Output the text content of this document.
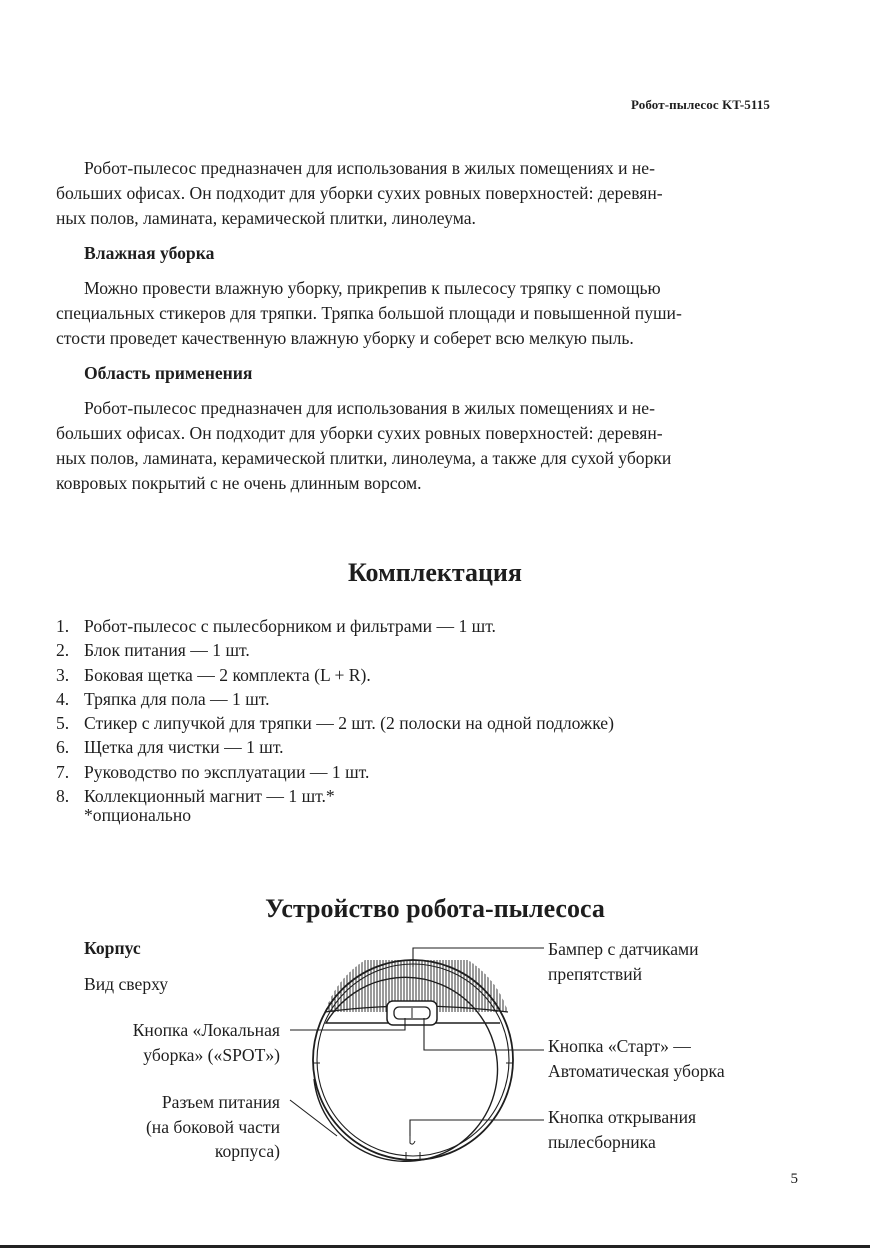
Робот-пылесос KT-5115
Робот-пылесос предназначен для использования в жилых помещениях и не-
больших офисах. Он подходит для уборки сухих ровных поверхностей: деревян-
ных полов, ламината, керамической плитки, линолеума.
Влажная уборка
Можно провести влажную уборку, прикрепив к пылесосу тряпку с помощью
специальных стикеров для тряпки. Тряпка большой площади и повышенной пуши-
стости проведет качественную влажную уборку и соберет всю мелкую пыль.
Область применения
Робот-пылесос предназначен для использования в жилых помещениях и не-
больших офисах. Он подходит для уборки сухих ровных поверхностей: деревян-
ных полов, ламината, керамической плитки, линолеума, а также для сухой уборки
ковровых покрытий с не очень длинным ворсом.
Комплектация
1. Робот-пылесос с пылесборником и фильтрами — 1 шт.
2. Блок питания — 1 шт.
3. Боковая щетка — 2 комплекта (L + R).
4. Тряпка для пола — 1 шт.
5. Стикер с липучкой для тряпки — 2 шт. (2 полоски на одной подложке)
6. Щетка для чистки — 1 шт.
7. Руководство по эксплуатации — 1 шт.
8. Коллекционный магнит — 1 шт.*
*опционально
Устройство робота-пылесоса
Корпус
Вид сверху
Кнопка «Локальная
уборка» («SPOT»)
Разъем питания
(на боковой части
корпуса)
Бампер с датчиками
препятствий
Кнопка «Старт» —
Автоматическая уборка
Кнопка открывания
пылесборника
5
